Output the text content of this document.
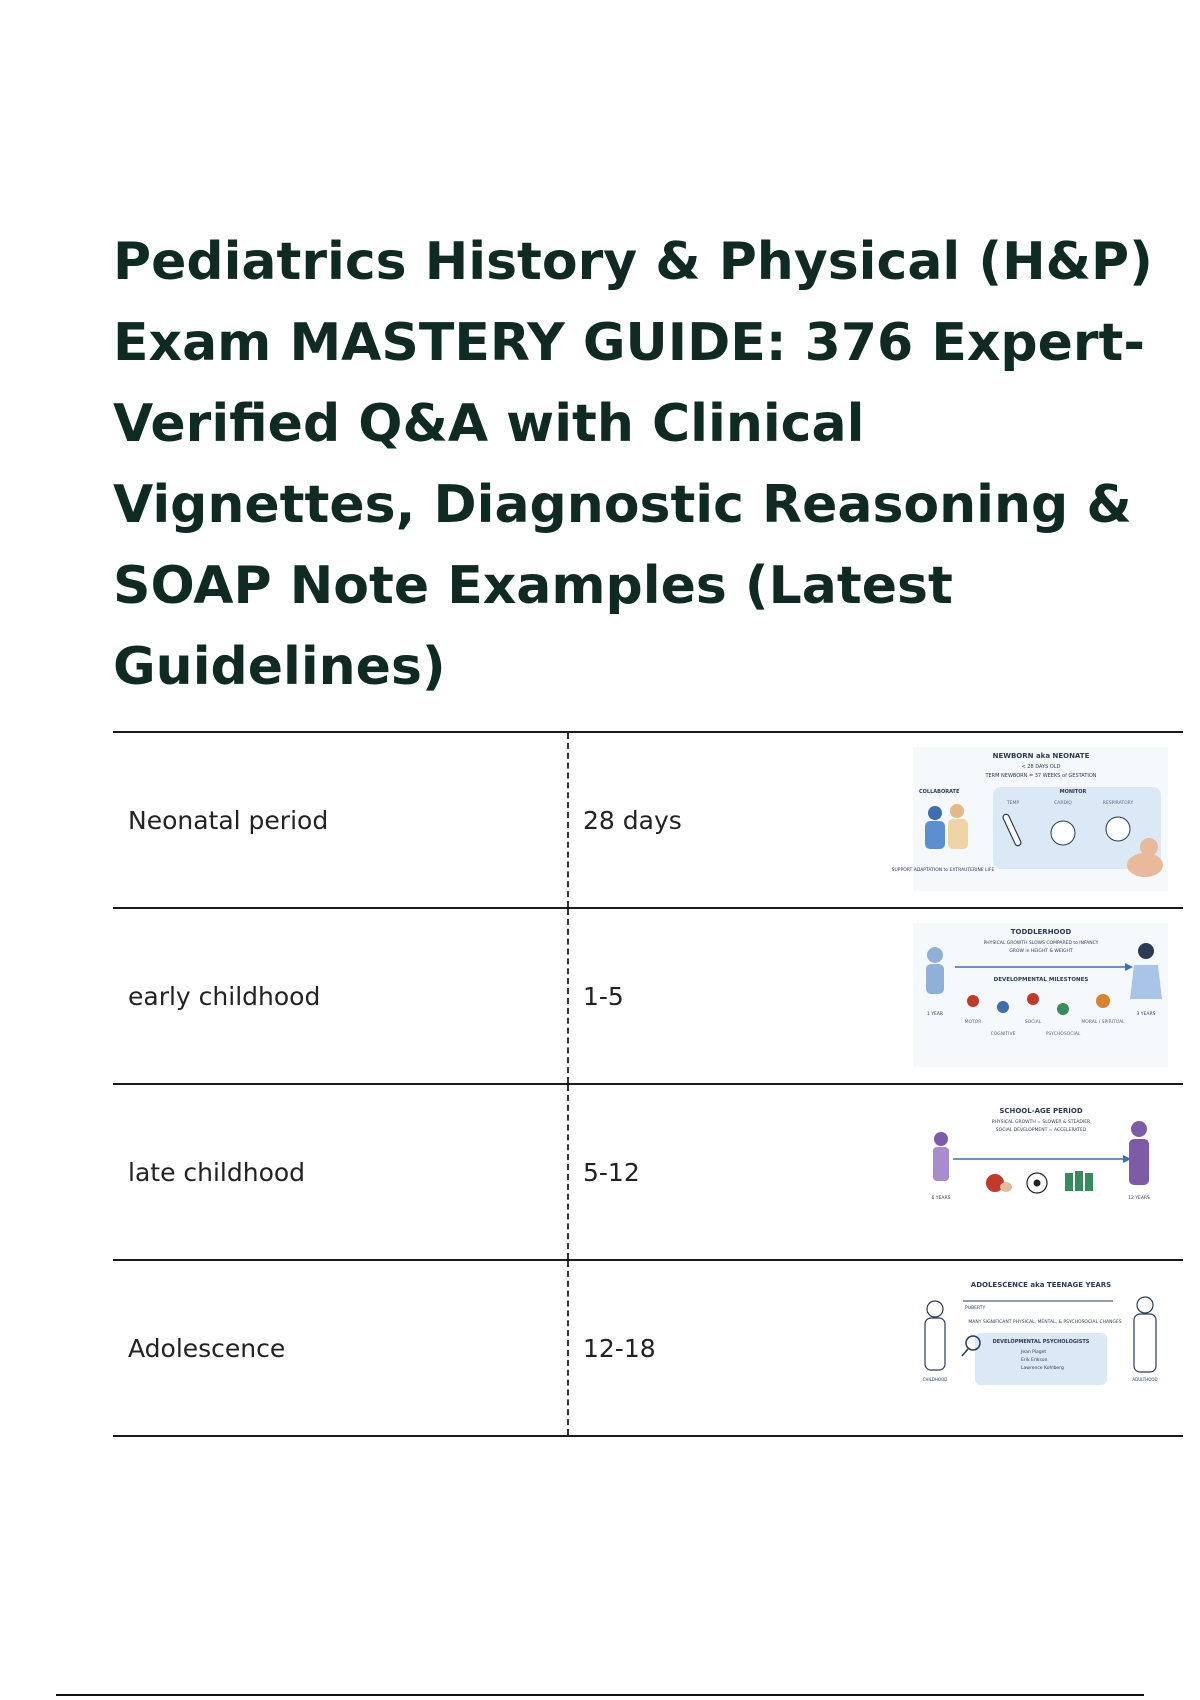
Pediatrics History & Physical (H&P) Exam MASTERY GUIDE: 376 Expert-Verified Q&A with Clinical Vignettes, Diagnostic Reasoning & SOAP Note Examples (Latest Guidelines)
Neonatal period	28 days
NEWBORN aka NEONATE
< 28 DAYS OLD
TERM NEWBORN = 37 WEEKS of GESTATION
COLLABORATE	MONITOR
TEMP	CARDIO	RESPIRATORY
SUPPORT ADAPTATION to EXTRAUTERINE LIFE
early childhood	1-5
TODDLERHOOD
PHYSICAL GROWTH SLOWS COMPARED to INFANCY
GROW in HEIGHT & WEIGHT
DEVELOPMENTAL MILESTONES
1 YEAR	3 YEARS
MOTOR	SOCIAL
COGNITIVE	PSYCHOSOCIAL
MORAL / SPIRITUAL
late childhood	5-12
SCHOOL-AGE PERIOD
PHYSICAL GROWTH = SLOWER & STEADIER
SOCIAL DEVELOPMENT = ACCELERATED
6 YEARS	12 YEARS
Adolescence	12-18
ADOLESCENCE aka TEENAGE YEARS
PUBERTY
MANY SIGNIFICANT PHYSICAL, MENTAL, & PSYCHOSOCIAL CHANGES
DEVELOPMENTAL PSYCHOLOGISTS
Jean Piaget
Erik Erikson
Lawrence Kohlberg
CHILDHOOD	ADULTHOOD
